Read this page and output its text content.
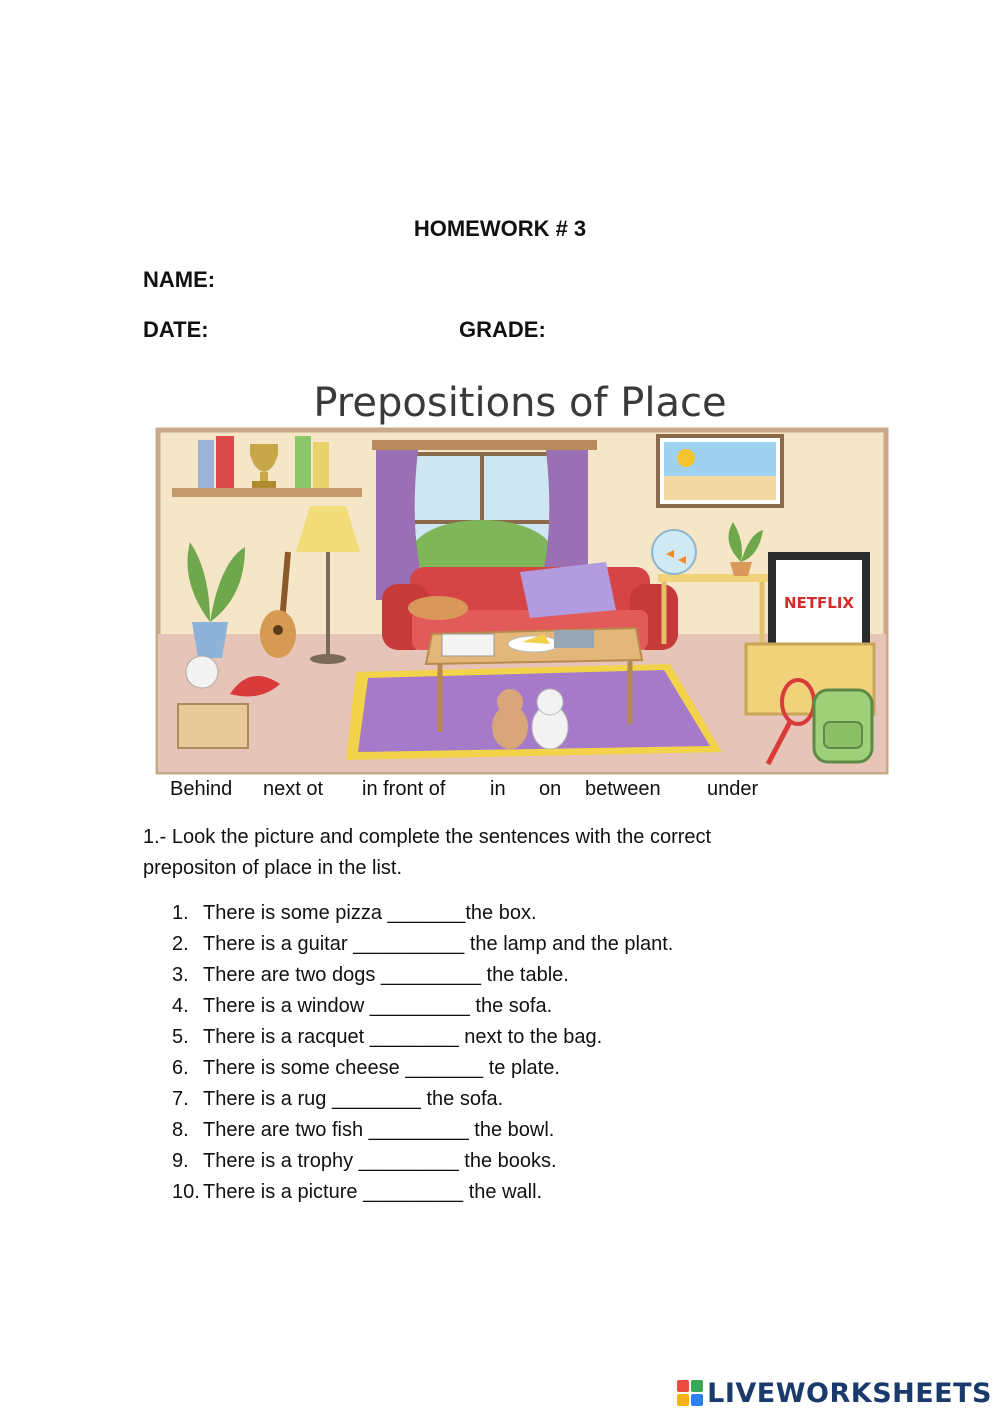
HOMEWORK # 3
NAME:
DATE:	GRADE:
Prepositions of Place
NETFLIX
Behind next ot in front of in on between under
1.- Look the picture and complete the sentences with the correct prepositon of place in the list.
1. There is some pizza _______the box.
2. There is a guitar __________ the lamp and the plant.
3. There are two dogs _________ the table.
4. There is a window _________ the sofa.
5. There is a racquet ________ next to the bag.
6. There is some cheese _______ te plate.
7. There is a rug ________ the sofa.
8. There are two fish _________ the bowl.
9. There is a trophy _________ the books.
10. There is a picture _________ the wall.
LIVEWORKSHEETS
